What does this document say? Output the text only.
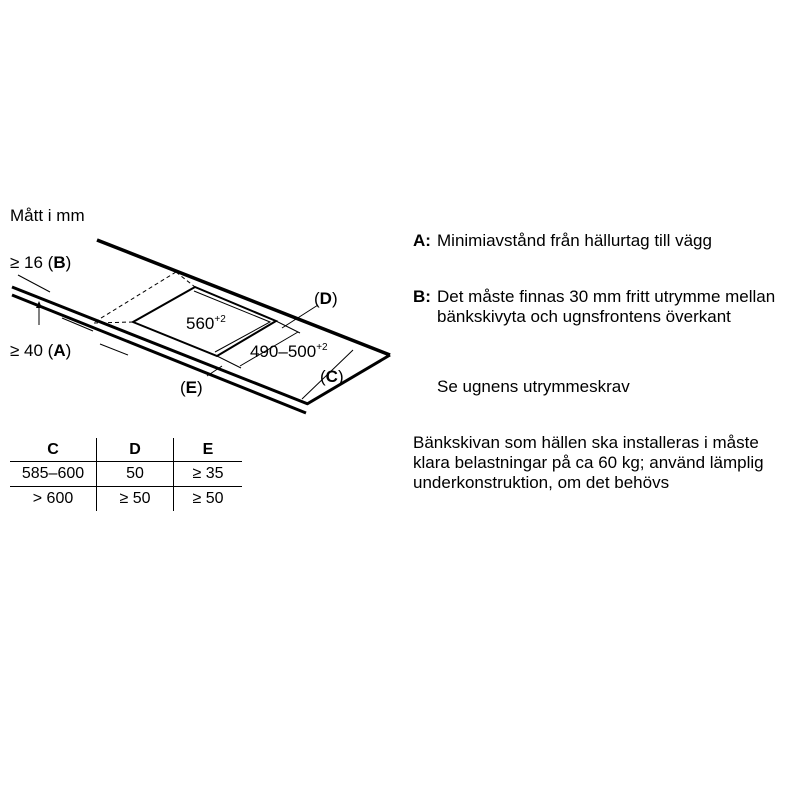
Mått i mm
≥ 16 (B)
≥ 40 (A)
(D)
(C)
(E)
$560^{+2}$
$490-500^{+2}$
C	D	E
585–600	50	≥ 35
> 600	≥ 50	≥ 50
A: Minimiavstånd från hällurtag till vägg
B: Det måste finnas 30 mm fritt utrymme mellan bänkskivyta och ugnsfrontens överkant
Se ugnens utrymmeskrav
Bänkskivan som hällen ska installeras i måste klara belastningar på ca 60 kg; använd lämplig underkonstruktion, om det behövs
